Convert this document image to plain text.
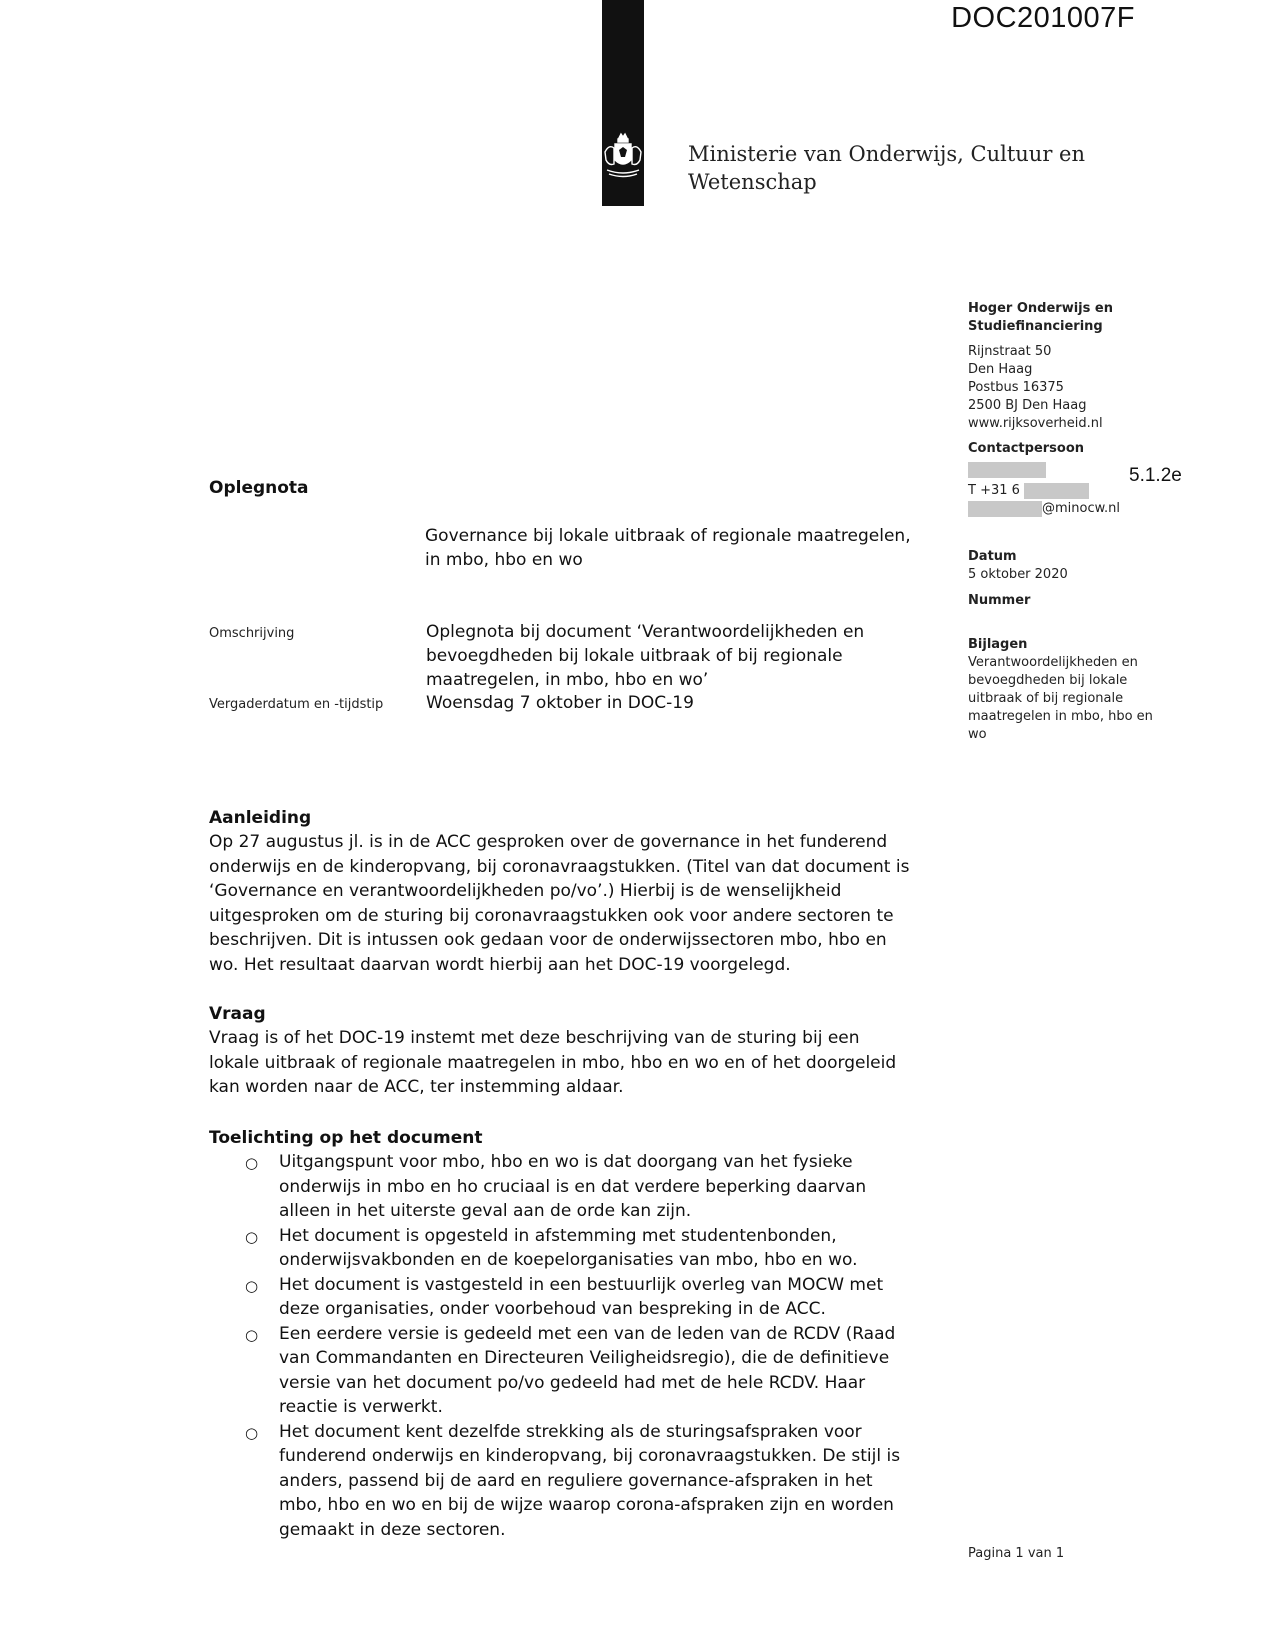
DOC201007F
Ministerie van Onderwijs, Cultuur en
Wetenschap
Hoger Onderwijs en
Studiefinanciering
Rijnstraat 50
Den Haag
Postbus 16375
2500 BJ Den Haag
www.rijksoverheid.nl
Contactpersoon
T +31 6
@minocw.nl
5.1.2e
Datum
5 oktober 2020
Nummer
Bijlagen
Verantwoordelijkheden en
bevoegdheden bij lokale
uitbraak of bij regionale
maatregelen in mbo, hbo en
wo
Oplegnota
Governance bij lokale uitbraak of regionale maatregelen,
in mbo, hbo en wo
Omschrijving	Oplegnota bij document ‘Verantwoordelijkheden en
bevoegdheden bij lokale uitbraak of bij regionale
maatregelen, in mbo, hbo en wo’
Vergaderdatum en -tijdstip	Woensdag 7 oktober in DOC-19
Aanleiding
Op 27 augustus jl. is in de ACC gesproken over de governance in het funderend
onderwijs en de kinderopvang, bij coronavraagstukken. (Titel van dat document is
‘Governance en verantwoordelijkheden po/vo’.) Hierbij is de wenselijkheid
uitgesproken om de sturing bij coronavraagstukken ook voor andere sectoren te
beschrijven. Dit is intussen ook gedaan voor de onderwijssectoren mbo, hbo en
wo. Het resultaat daarvan wordt hierbij aan het DOC-19 voorgelegd.
Vraag
Vraag is of het DOC-19 instemt met deze beschrijving van de sturing bij een
lokale uitbraak of regionale maatregelen in mbo, hbo en wo en of het doorgeleid
kan worden naar de ACC, ter instemming aldaar.
Toelichting op het document
○ Uitgangspunt voor mbo, hbo en wo is dat doorgang van het fysieke
onderwijs in mbo en ho cruciaal is en dat verdere beperking daarvan
alleen in het uiterste geval aan de orde kan zijn.
○ Het document is opgesteld in afstemming met studentenbonden,
onderwijsvakbonden en de koepelorganisaties van mbo, hbo en wo.
○ Het document is vastgesteld in een bestuurlijk overleg van MOCW met
deze organisaties, onder voorbehoud van bespreking in de ACC.
○ Een eerdere versie is gedeeld met een van de leden van de RCDV (Raad
van Commandanten en Directeuren Veiligheidsregio), die de definitieve
versie van het document po/vo gedeeld had met de hele RCDV. Haar
reactie is verwerkt.
○ Het document kent dezelfde strekking als de sturingsafspraken voor
funderend onderwijs en kinderopvang, bij coronavraagstukken. De stijl is
anders, passend bij de aard en reguliere governance-afspraken in het
mbo, hbo en wo en bij de wijze waarop corona-afspraken zijn en worden
gemaakt in deze sectoren.
Pagina 1 van 1
